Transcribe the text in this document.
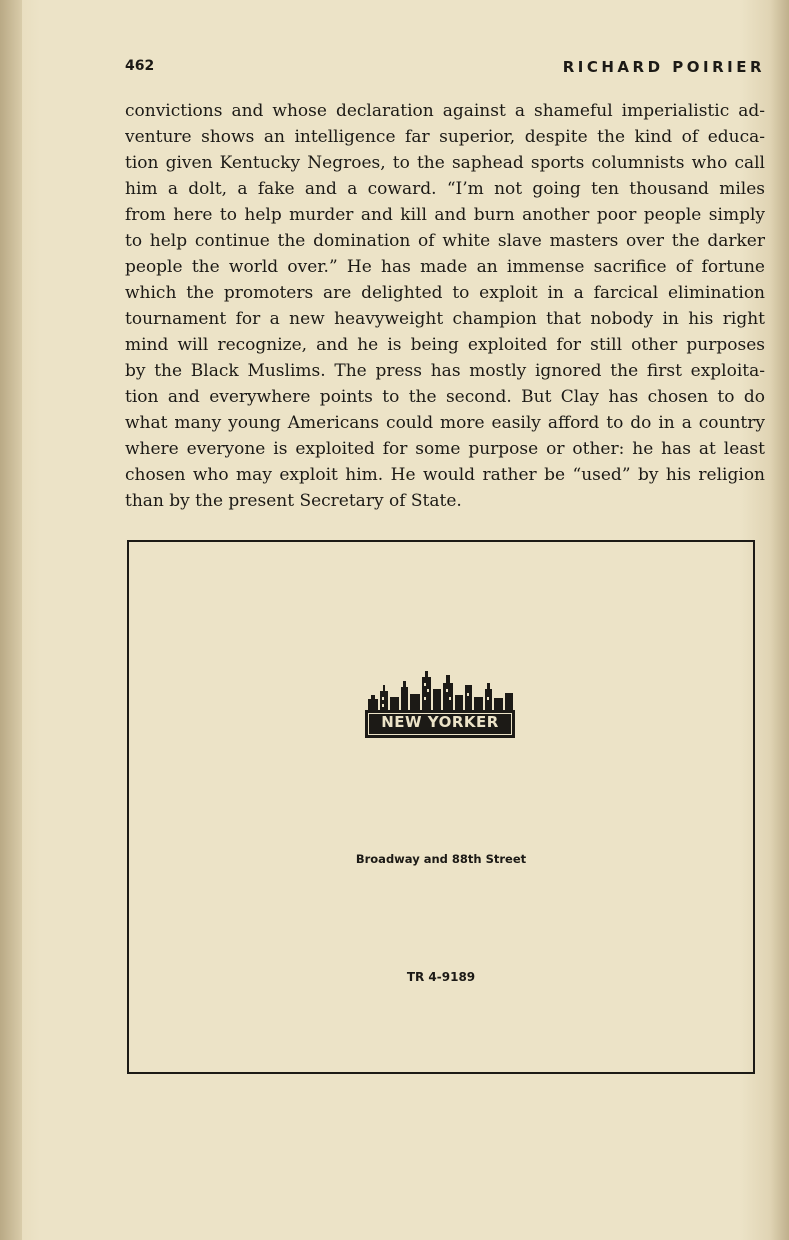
462	RICHARD POIRIER
convictions and whose declaration against a shameful imperialistic ad-
venture shows an intelligence far superior, despite the kind of educa-
tion given Kentucky Negroes, to the saphead sports columnists who call
him a dolt, a fake and a coward. “I’m not going ten thousand miles
from here to help murder and kill and burn another poor people simply
to help continue the domination of white slave masters over the darker
people the world over.” He has made an immense sacrifice of fortune
which the promoters are delighted to exploit in a farcical elimination
tournament for a new heavyweight champion that nobody in his right
mind will recognize, and he is being exploited for still other purposes
by the Black Muslims. The press has mostly ignored the first exploita-
tion and everywhere points to the second. But Clay has chosen to do
what many young Americans could more easily afford to do in a country
where everyone is exploited for some purpose or other: he has at least
chosen who may exploit him. He would rather be “used” by his religion
than by the present Secretary of State.
NEW YORKER
Broadway and 88th Street
TR 4-9189
